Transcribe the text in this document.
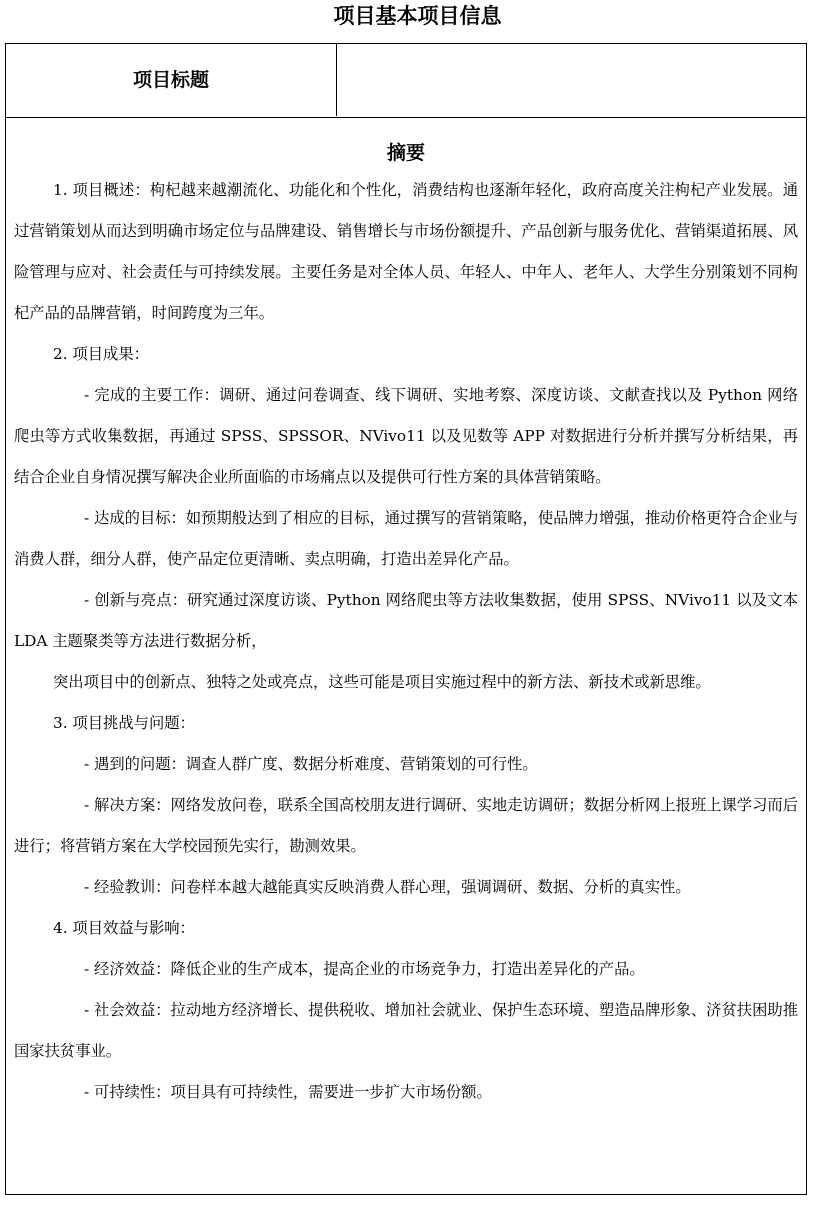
项目基本项目信息
项目标题
摘要

1. 项目概述：枸杞越来越潮流化、功能化和个性化，消费结构也逐渐年轻化，政府高度关注枸杞产业发展。通过营销策划从而达到明确市场定位与品牌建设、销售增长与市场份额提升、产品创新与服务优化、营销渠道拓展、风险管理与应对、社会责任与可持续发展。主要任务是对全体人员、年轻人、中年人、老年人、大学生分别策划不同枸杞产品的品牌营销，时间跨度为三年。

2. 项目成果：

- 完成的主要工作：调研、通过问卷调查、线下调研、实地考察、深度访谈、文献查找以及 Python 网络爬虫等方式收集数据，再通过 SPSS、SPSSOR、NVivo11 以及见数等 APP 对数据进行分析并撰写分析结果，再结合企业自身情况撰写解决企业所面临的市场痛点以及提供可行性方案的具体营销策略。

- 达成的目标：如预期般达到了相应的目标，通过撰写的营销策略，使品牌力增强，推动价格更符合企业与消费人群，细分人群，使产品定位更清晰、卖点明确，打造出差异化产品。

- 创新与亮点：研究通过深度访谈、Python 网络爬虫等方法收集数据，使用 SPSS、NVivo11 以及文本 LDA 主题聚类等方法进行数据分析，

突出项目中的创新点、独特之处或亮点，这些可能是项目实施过程中的新方法、新技术或新思维。

3. 项目挑战与问题：

- 遇到的问题：调查人群广度、数据分析难度、营销策划的可行性。

- 解决方案：网络发放问卷，联系全国高校朋友进行调研、实地走访调研；数据分析网上报班上课学习而后进行；将营销方案在大学校园预先实行，勘测效果。

- 经验教训：问卷样本越大越能真实反映消费人群心理，强调调研、数据、分析的真实性。

4. 项目效益与影响：

- 经济效益：降低企业的生产成本，提高企业的市场竞争力，打造出差异化的产品。

- 社会效益：拉动地方经济增长、提供税收、增加社会就业、保护生态环境、塑造品牌形象、济贫扶困助推国家扶贫事业。

- 可持续性：项目具有可持续性，需要进一步扩大市场份额。
